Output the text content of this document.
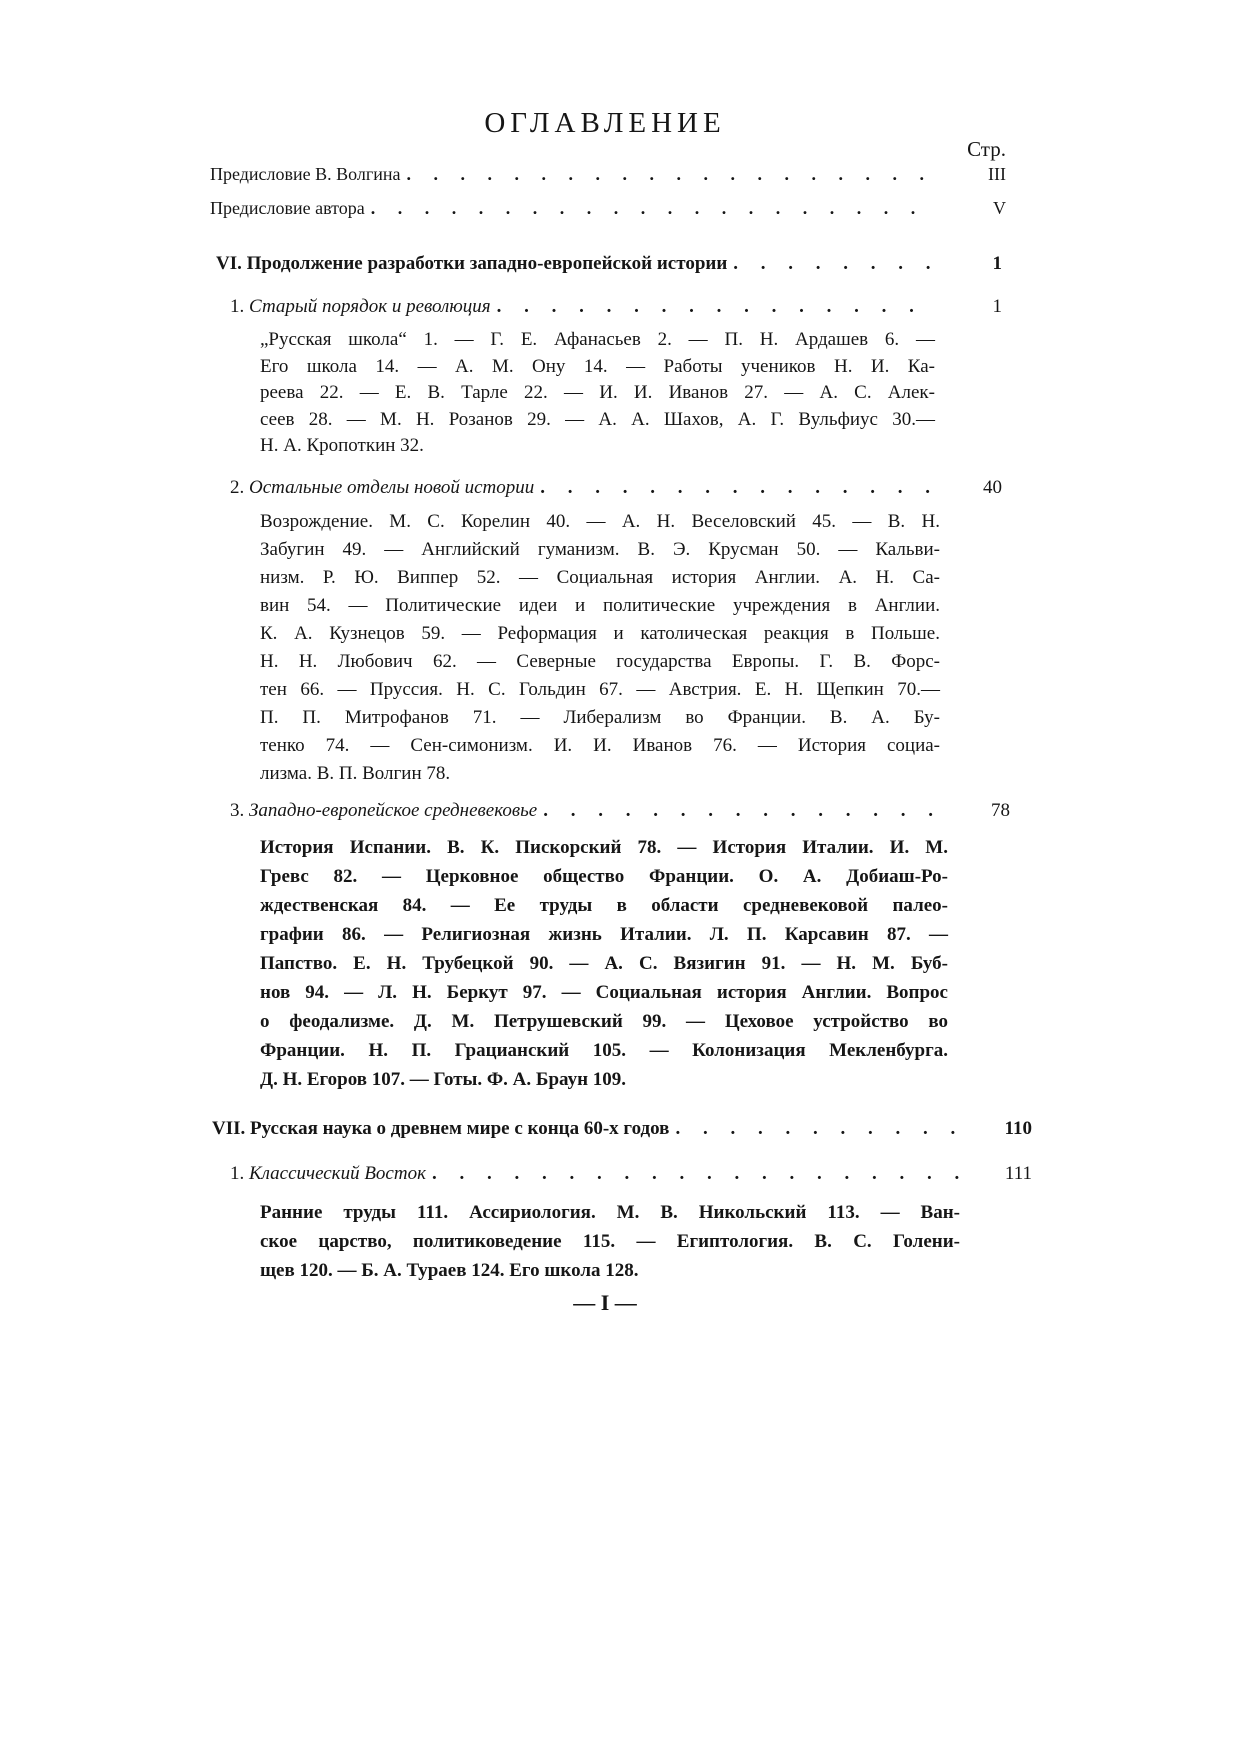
ОГЛАВЛЕНИЕ
Стр.
Предисловие В. Волгина . . .	III
Предисловие автора . . .	V
VI. Продолжение разработки западно-европейской истории . . .	1
1. Старый порядок и революция . . .	1
„Русская школа“ 1. — Г. Е. Афанасьев 2. — П. Н. Ардашев 6. —
Его школа 14. — А. М. Ону 14. — Работы учеников Н. И. Ка-
реева 22. — Е. В. Тарле 22. — И. И. Иванов 27. — А. С. Алек-
сеев 28. — М. Н. Розанов 29. — А. А. Шахов, А. Г. Вульфиус 30.—
Н. А. Кропоткин 32.
2. Остальные отделы новой истории . . .	40
Возрождение. М. С. Корелин 40. — А. Н. Веселовский 45. — В. Н.
Забугин 49. — Английский гуманизм. В. Э. Крусман 50. — Кальви-
низм. Р. Ю. Виппер 52. — Социальная история Англии. А. Н. Са-
вин 54. — Политические идеи и политические учреждения в Англии.
К. А. Кузнецов 59. — Реформация и католическая реакция в Польше.
Н. Н. Любович 62. — Северные государства Европы. Г. В. Форс-
тен 66. — Пруссия. Н. С. Гольдин 67. — Австрия. Е. Н. Щепкин 70.—
П. П. Митрофанов 71. — Либерализм во Франции. В. А. Бу-
тенко 74. — Сен-симонизм. И. И. Иванов 76. — История социа-
лизма. В. П. Волгин 78.
3. Западно-европейское средневековье . . .	78
История Испании. В. К. Пискорский 78. — История Италии. И. М.
Гревс 82. — Церковное общество Франции. О. А. Добиаш-Ро-
ждественская 84. — Ее труды в области средневековой палео-
графии 86. — Религиозная жизнь Италии. Л. П. Карсавин 87. —
Папство. Е. Н. Трубецкой 90. — А. С. Вязигин 91. — Н. М. Буб-
нов 94. — Л. Н. Беркут 97. — Социальная история Англии. Вопрос
о феодализме. Д. М. Петрушевский 99. — Цеховое устройство во
Франции. Н. П. Грацианский 105. — Колонизация Мекленбурга.
Д. Н. Егоров 107. — Готы. Ф. А. Браун 109.
VII. Русская наука о древнем мире с конца 60-х годов . . .	110
1. Классический Восток . . .	111
Ранние труды 111. Ассириология. М. В. Никольский 113. — Ван-
ское царство, политиковедение 115. — Египтология. В. С. Голени-
щев 120. — Б. А. Тураев 124. Его школа 128.
— I —
